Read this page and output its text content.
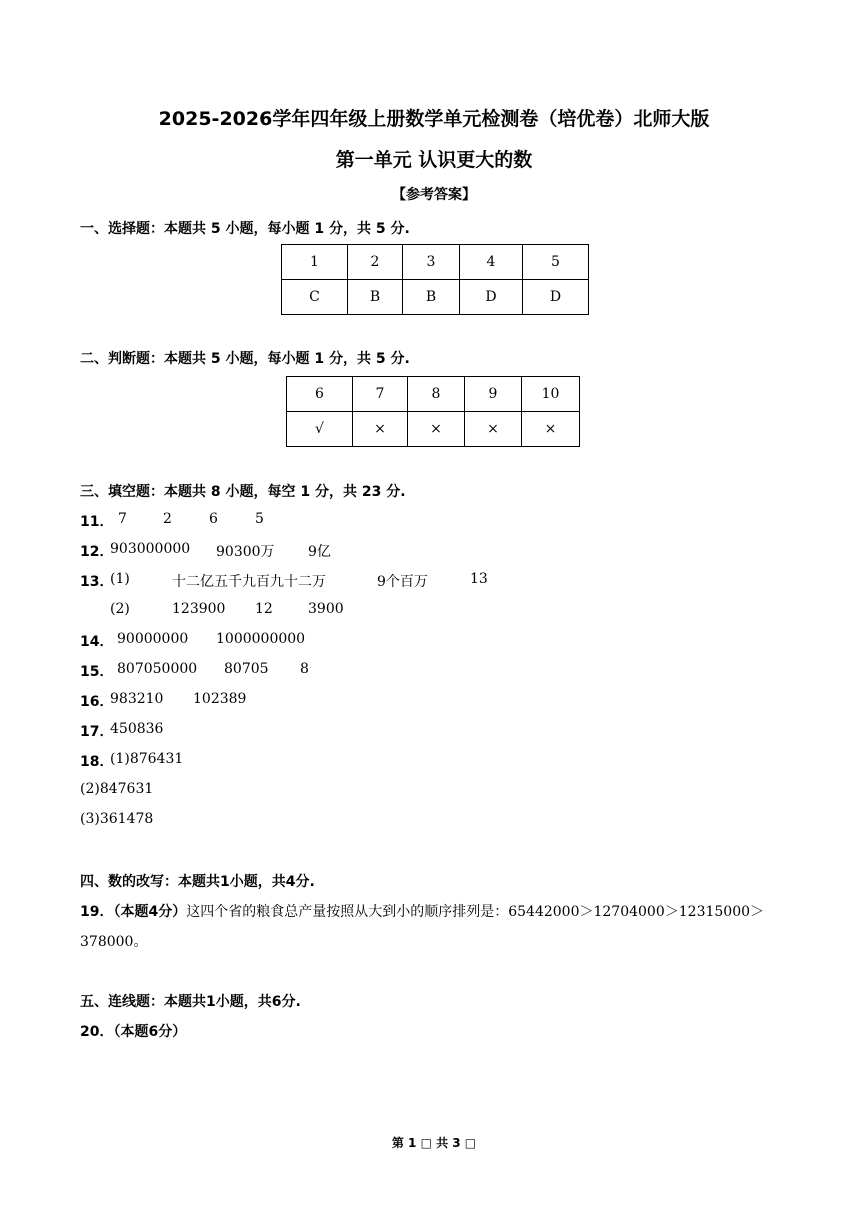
2025-2026学年四年级上册数学单元检测卷（培优卷）北师大版
第一单元 认识更大的数
【参考答案】
一、选择题：本题共 5 小题，每小题 1 分，共 5 分.
1	2	3	4	5
C	B	B	D	D
二、判断题：本题共 5 小题，每小题 1 分，共 5 分.
6	7	8	9	10
√	×	×	×	×
三、填空题：本题共 8 小题，每空 1 分，共 23 分.
11． 7	2	6	5
12．
903000000 90300万 9亿
13．
(1)	十二亿五千九百九十二万	9个百万	13
(2)	123900 12	3900
14． 90000000 1000000000
15． 807050000 80705 8
16．
983210 102389
17．
450836
18．
(1)876431
(2)847631
(3)361478
四、数的改写：本题共1小题，共4分.
19．（本题4分）这四个省的粮食总产量按照从大到小的顺序排列是：65442000＞12704000＞12315000＞
378000。
五、连线题：本题共1小题，共6分.
20．（本题6分）
第 1 □ 共 3 □
